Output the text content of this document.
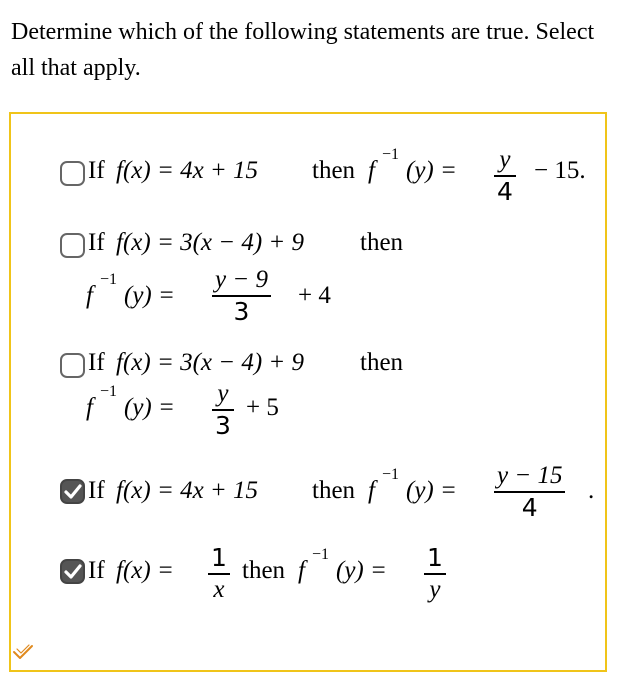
Determine which of the following statements are true. Select all that apply.
If f(x) = 4x + 15 then f
−1
(y) = y
4
− 15.
If f(x) = 3(x − 4) + 9 then
f
−1
(y) =
y − 9
3
+ 4
If f(x) = 3(x − 4) + 9 then
f
−1
(y) =
y
3
+ 5
If f(x) = 4x + 15 then f
−1
(y) =
y − 15
4
.
If f(x) = 1
x
then f
−1
(y) = 1
y
